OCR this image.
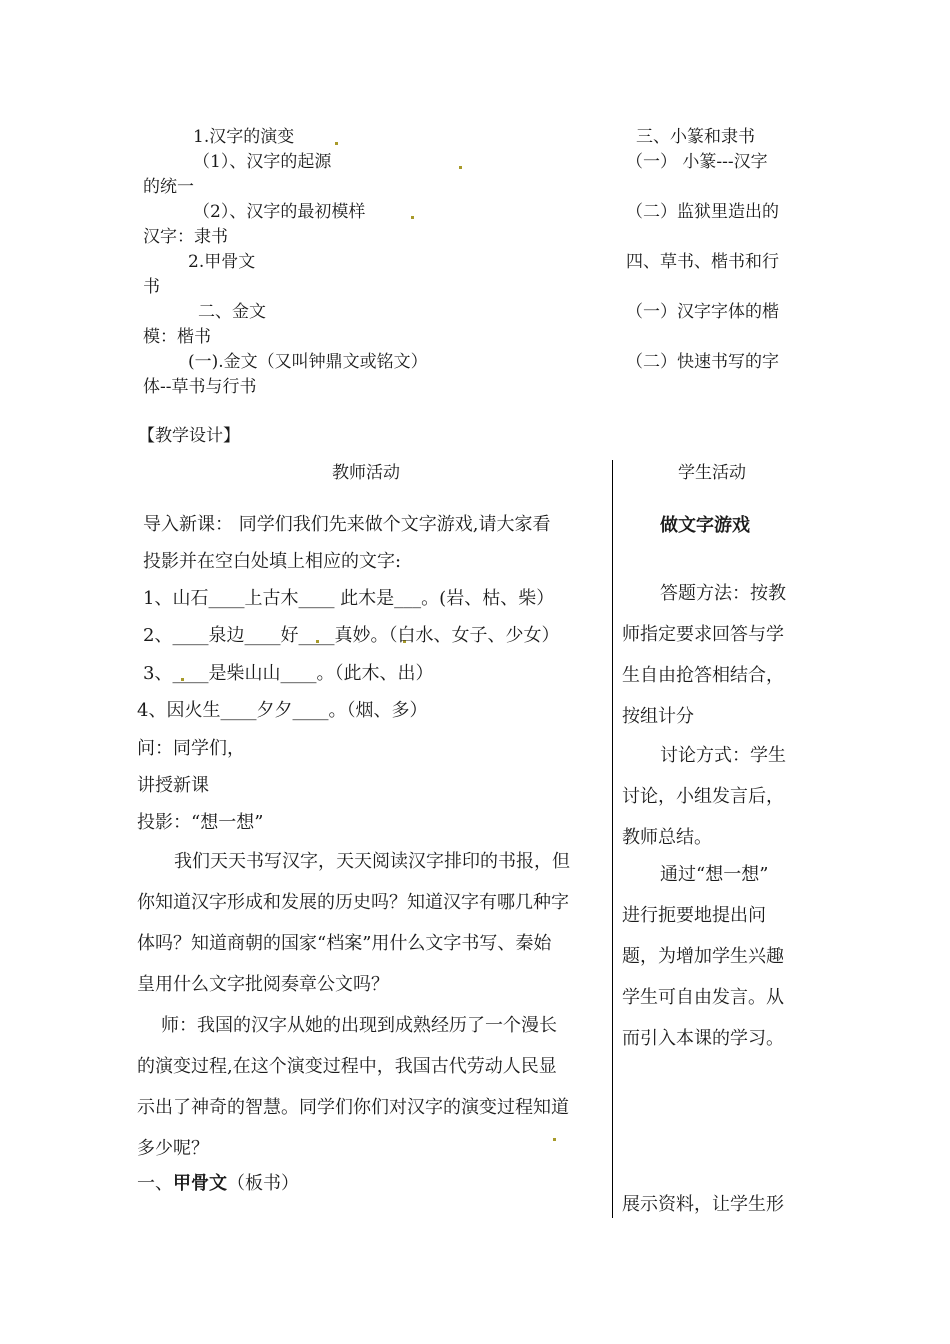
1.汉字的演变
（1）、汉字的起源
的统一
（2）、汉字的最初模样
汉字：隶书
2.甲骨文
书
二、金文
模：楷书
(一).金文（又叫钟鼎文或铭文）
体--草书与行书
三、小篆和隶书
（一） 小篆---汉字
（二）监狱里造出的
四、草书、楷书和行
（一）汉字字体的楷
（二）快速书写的字
【教学设计】
教师活动	学生活动
导入新课： 同学们我们先来做个文字游戏,请大家看
投影并在空白处填上相应的文字:
1、山石____上古木____ 此木是___。(岩、枯、柴）
2、____泉边____好____真妙。（白水、女子、少女）
3、____是柴山山____。（此木、出）
4、因火生____夕夕____。（烟、多）
问：同学们，
讲授新课
投影：“想一想”
我们天天书写汉字，天天阅读汉字排印的书报，但
你知道汉字形成和发展的历史吗？知道汉字有哪几种字
体吗？知道商朝的国家“档案”用什么文字书写、秦始
皇用什么文字批阅奏章公文吗？
师：我国的汉字从她的出现到成熟经历了一个漫长
的演变过程,在这个演变过程中，我国古代劳动人民显
示出了神奇的智慧。同学们你们对汉字的演变过程知道
多少呢？
一、甲骨文（板书）
做文字游戏
答题方法：按教
师指定要求回答与学
生自由抢答相结合，
按组计分
讨论方式：学生
讨论，小组发言后，
教师总结。
通过“想一想”
进行扼要地提出问
题，为增加学生兴趣
学生可自由发言。从
而引入本课的学习。
展示资料，让学生形
